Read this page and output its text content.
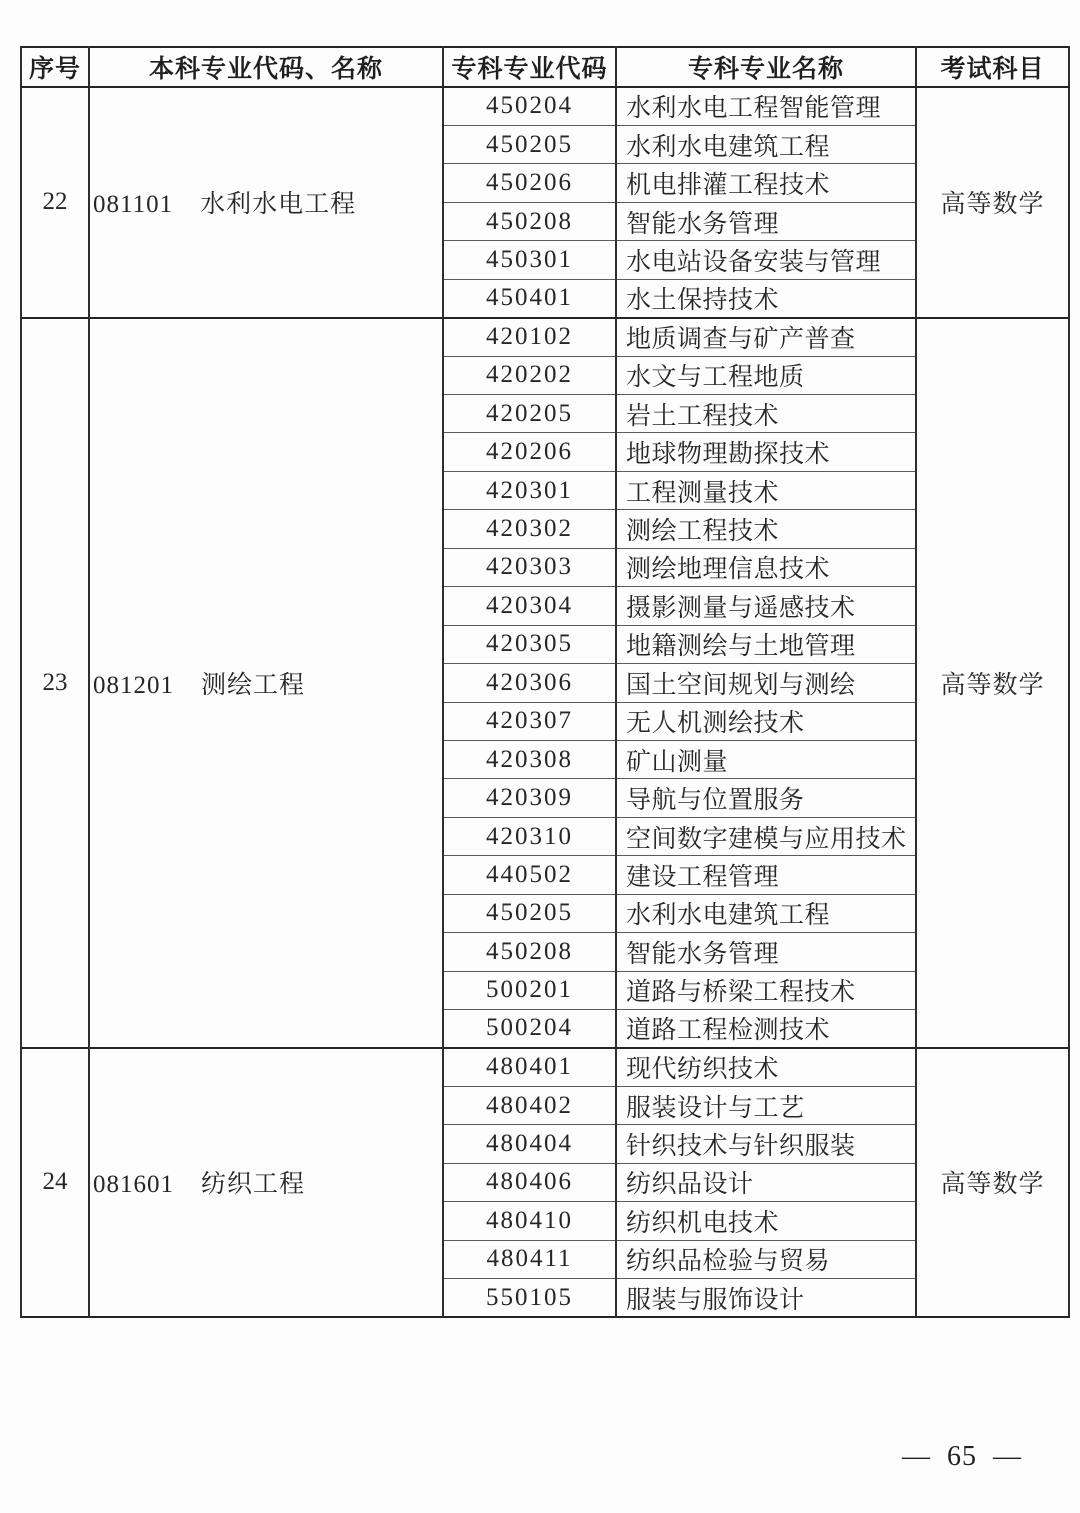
序号	本科专业代码、名称	专科专业代码	专科专业名称	考试科目
22	081101 水利水电工程	450204	水利水电工程智能管理	高等数学
		450205	水利水电建筑工程	
		450206	机电排灌工程技术	
		450208	智能水务管理	
		450301	水电站设备安装与管理	
		450401	水土保持技术	
23	081201 测绘工程	420102	地质调查与矿产普查	高等数学
		420202	水文与工程地质	
		420205	岩土工程技术	
		420206	地球物理勘探技术	
		420301	工程测量技术	
		420302	测绘工程技术	
		420303	测绘地理信息技术	
		420304	摄影测量与遥感技术	
		420305	地籍测绘与土地管理	
		420306	国土空间规划与测绘	
		420307	无人机测绘技术	
		420308	矿山测量	
		420309	导航与位置服务	
		420310	空间数字建模与应用技术	
		440502	建设工程管理	
		450205	水利水电建筑工程	
		450208	智能水务管理	
		500201	道路与桥梁工程技术	
		500204	道路工程检测技术	
24	081601 纺织工程	480401	现代纺织技术	高等数学
		480402	服装设计与工艺	
		480404	针织技术与针织服装	
		480406	纺织品设计	
		480410	纺织机电技术	
		480411	纺织品检验与贸易	
		550105	服装与服饰设计	
— 65 —
